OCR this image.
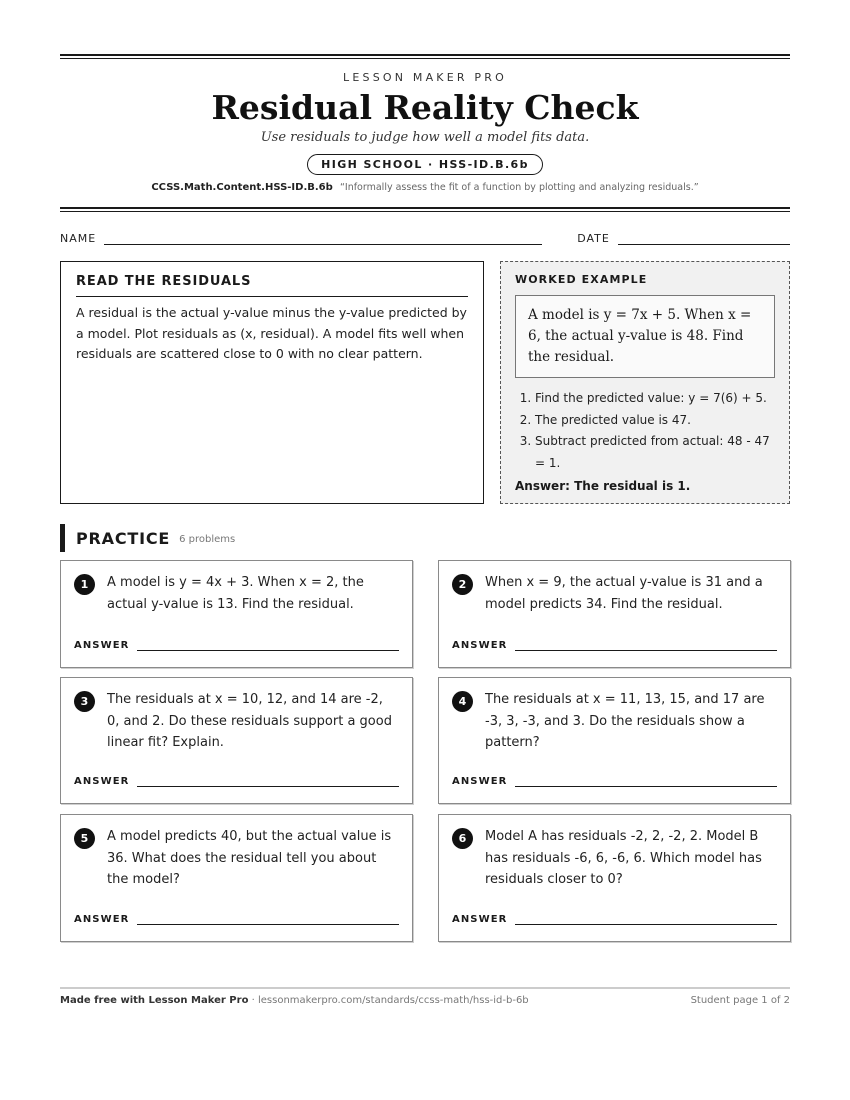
LESSON MAKER PRO
Residual Reality Check
Use residuals to judge how well a model fits data.
HIGH SCHOOL · HSS-ID.B.6b
CCSS.Math.Content.HSS-ID.B.6b “Informally assess the fit of a function by plotting and analyzing residuals.”
NAME	DATE
READ THE RESIDUALS
A residual is the actual y-value minus the y-value predicted by a model. Plot residuals as (x, residual). A model fits well when residuals are scattered close to 0 with no clear pattern.
WORKED EXAMPLE
A model is y = 7x + 5. When x = 6, the actual y-value is 48. Find the residual.
1. Find the predicted value: y = 7(6) + 5.
2. The predicted value is 47.
3. Subtract predicted from actual: 48 - 47 = 1.
Answer: The residual is 1.
PRACTICE 6 problems
1	A model is y = 4x + 3. When x = 2, the actual y-value is 13. Find the residual.
ANSWER
2	When x = 9, the actual y-value is 31 and a model predicts 34. Find the residual.
ANSWER
3	The residuals at x = 10, 12, and 14 are -2, 0, and 2. Do these residuals support a good linear fit? Explain.
ANSWER
4	The residuals at x = 11, 13, 15, and 17 are -3, 3, -3, and 3. Do the residuals show a pattern?
ANSWER
5	A model predicts 40, but the actual value is 36. What does the residual tell you about the model?
ANSWER
6	Model A has residuals -2, 2, -2, 2. Model B has residuals -6, 6, -6, 6. Which model has residuals closer to 0?
ANSWER
Made free with Lesson Maker Pro · lessonmakerpro.com/standards/ccss-math/hss-id-b-6b	Student page 1 of 2
